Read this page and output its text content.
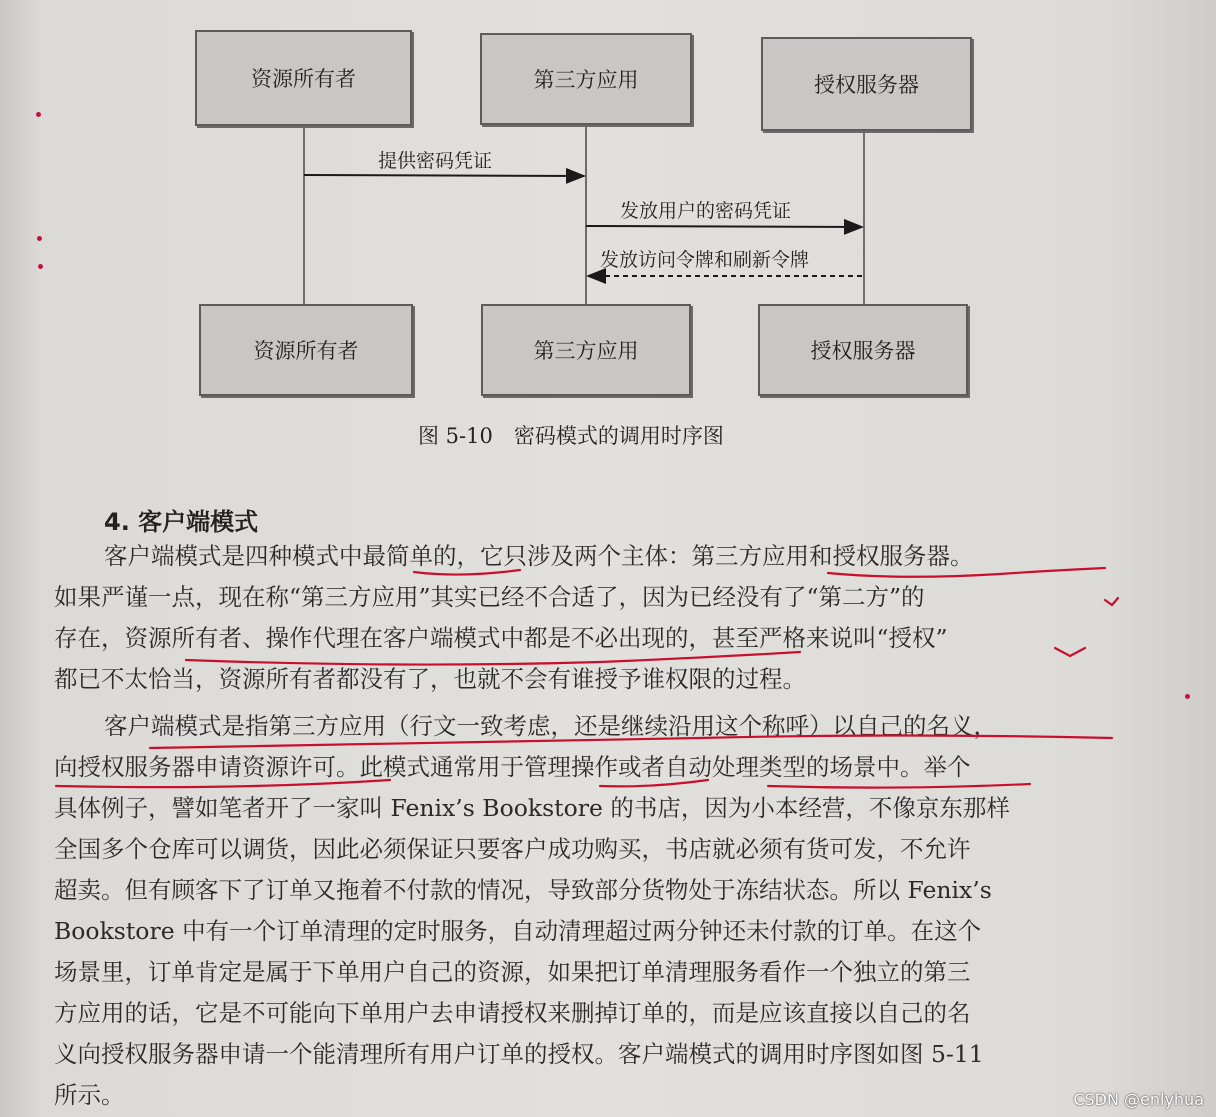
资源所有者	第三方应用	授权服务器
资源所有者	第三方应用	授权服务器
提供密码凭证
发放用户的密码凭证
发放访问令牌和刷新令牌
图 5-10　密码模式的调用时序图
4. 客户端模式
客户端模式是四种模式中最简单的，它只涉及两个主体：第三方应用和授权服务器。
如果严谨一点，现在称“第三方应用”其实已经不合适了，因为已经没有了“第二方”的
存在，资源所有者、操作代理在客户端模式中都是不必出现的，甚至严格来说叫“授权”
都已不太恰当，资源所有者都没有了，也就不会有谁授予谁权限的过程。
客户端模式是指第三方应用（行文一致考虑，还是继续沿用这个称呼）以自己的名义，
向授权服务器申请资源许可。此模式通常用于管理操作或者自动处理类型的场景中。举个
具体例子，譬如笔者开了一家叫 Fenix’s Bookstore 的书店，因为小本经营，不像京东那样
全国多个仓库可以调货，因此必须保证只要客户成功购买，书店就必须有货可发，不允许
超卖。但有顾客下了订单又拖着不付款的情况，导致部分货物处于冻结状态。所以 Fenix’s
Bookstore 中有一个订单清理的定时服务，自动清理超过两分钟还未付款的订单。在这个
场景里，订单肯定是属于下单用户自己的资源，如果把订单清理服务看作一个独立的第三
方应用的话，它是不可能向下单用户去申请授权来删掉订单的，而是应该直接以自己的名
义向授权服务器申请一个能清理所有用户订单的授权。客户端模式的调用时序图如图 5-11
所示。	CSDN @enlyhua
